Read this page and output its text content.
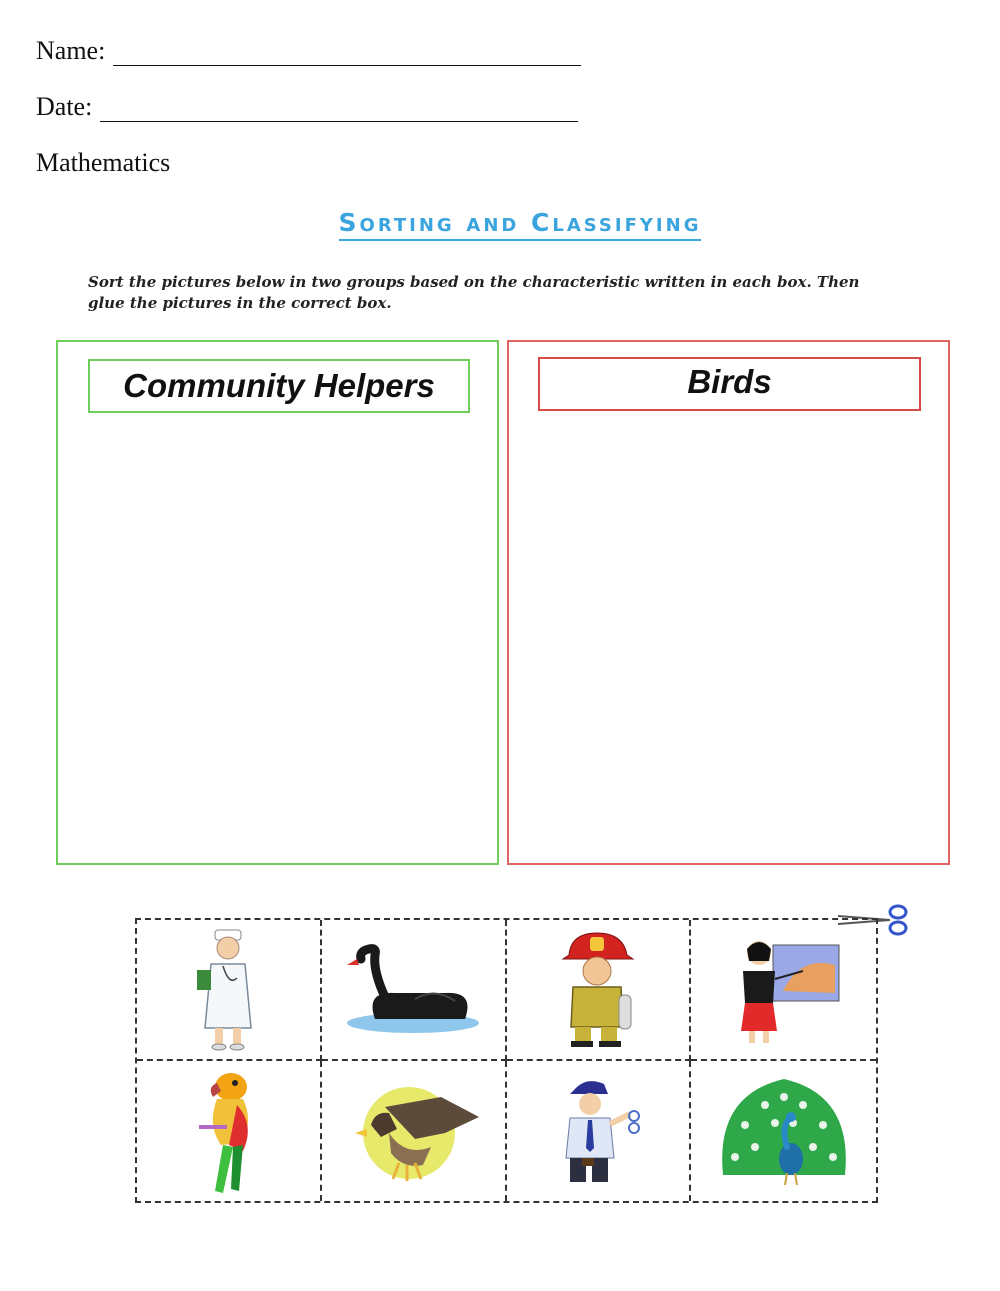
Name:
Date:
Mathematics
Sorting and Classifying
Sort the pictures below in two groups based on the characteristic written in each box. Then glue the pictures in the correct box.
Community Helpers	Birds
